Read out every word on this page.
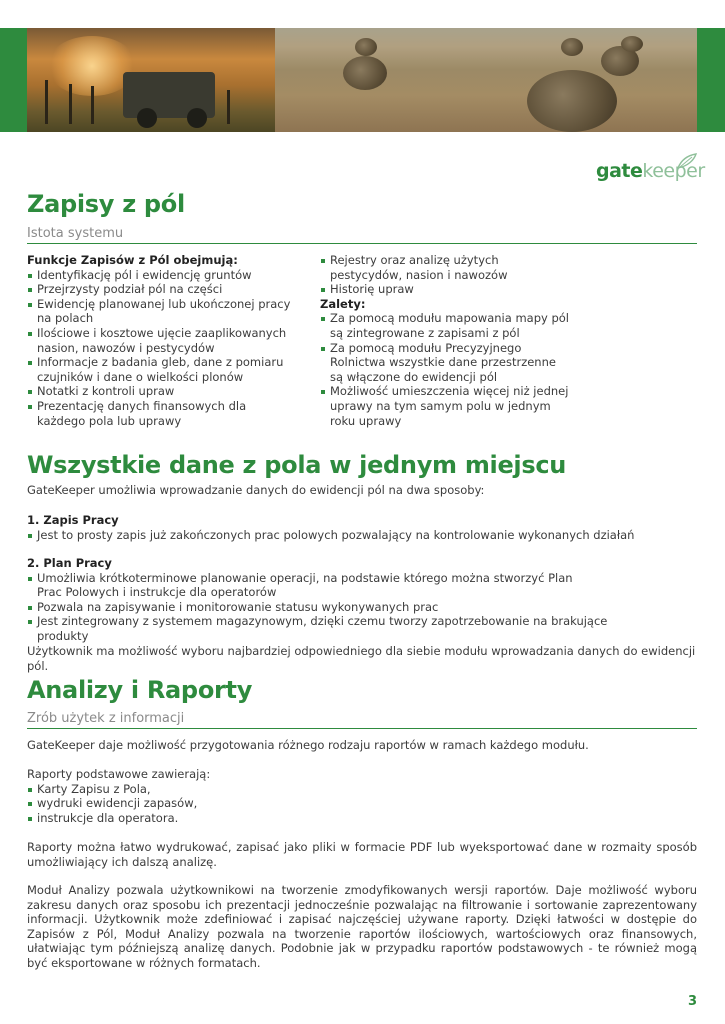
gatekeeper
Zapisy z pól
Istota systemu
Funkcje Zapisów z Pól obejmują:
Identyfikację pól i ewidencję gruntów
Przejrzysty podział pól na części
Ewidencję planowanej lub ukończonej pracy na polach
Ilościowe i kosztowe ujęcie zaaplikowanych nasion, nawozów i pestycydów
Informacje z badania gleb, dane z pomiaru czujników i dane o wielkości plonów
Notatki z kontroli upraw
Prezentację danych finansowych dla każdego pola lub uprawy
Rejestry oraz analizę użytych pestycydów, nasion i nawozów
Historię upraw
Zalety:
Za pomocą modułu mapowania mapy pól są zintegrowane z zapisami z pól
Za pomocą modułu Precyzyjnego Rolnictwa wszystkie dane przestrzenne są włączone do ewidencji pól
Możliwość umieszczenia więcej niż jednej uprawy na tym samym polu w jednym roku uprawy
Wszystkie dane z pola w jednym miejscu
GateKeeper umożliwia wprowadzanie danych do ewidencji pól na dwa sposoby:
1. Zapis Pracy
Jest to prosty zapis już zakończonych prac polowych pozwalający na kontrolowanie wykonanych działań
2. Plan Pracy
Umożliwia krótkoterminowe planowanie operacji, na podstawie którego można stworzyć Plan Prac Polowych i instrukcje dla operatorów
Pozwala na zapisywanie i monitorowanie statusu wykonywanych prac
Jest zintegrowany z systemem magazynowym, dzięki czemu tworzy zapotrzebowanie na brakujące produkty
Użytkownik ma możliwość wyboru najbardziej odpowiedniego dla siebie modułu wprowadzania danych do ewidencji pól.
Analizy i Raporty
Zrób użytek z informacji
GateKeeper daje możliwość przygotowania różnego rodzaju raportów w ramach każdego modułu.
Raporty podstawowe zawierają:
Karty Zapisu z Pola,
wydruki ewidencji zapasów,
instrukcje dla operatora.
Raporty można łatwo wydrukować, zapisać jako pliki w formacie PDF lub wyeksportować dane w rozmaity sposób umożliwiający ich dalszą analizę.
Moduł Analizy pozwala użytkownikowi na tworzenie zmodyfikowanych wersji raportów. Daje możliwość wyboru zakresu danych oraz sposobu ich prezentacji jednocześnie pozwalając na filtrowanie i sortowanie zaprezentowany informacji. Użytkownik może zdefiniować i zapisać najczęściej używane raporty. Dzięki łatwości w dostępie do Zapisów z Pól, Moduł Analizy pozwala na tworzenie raportów ilościowych, wartościowych oraz finansowych, ułatwiając tym późniejszą analizę danych. Podobnie jak w przypadku raportów podstawowych - te również mogą być eksportowane w różnych formatach.
3
